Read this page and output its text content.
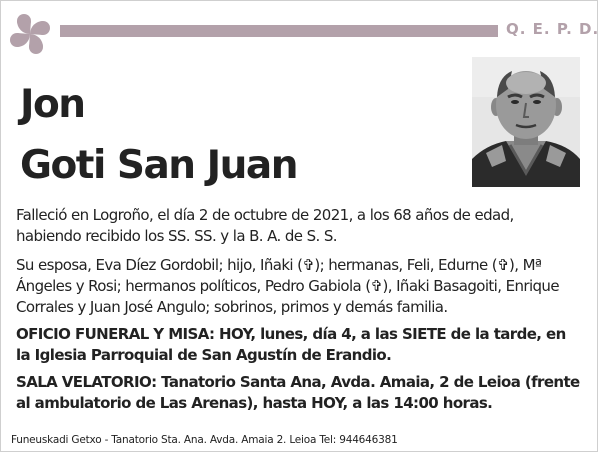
Q. E. P. D.
Jon
Goti San Juan

Falleció en Logroño, el día 2 de octubre de 2021, a los 68 años de edad, habiendo recibido los SS. SS. y la B. A. de S. S.

Su esposa, Eva Díez Gordobil; hijo, Iñaki (✞); hermanas, Feli, Edurne (✞), Mª Ángeles y Rosi; hermanos políticos, Pedro Gabiola (✞), Iñaki Basagoiti, Enrique Corrales y Juan José Angulo; sobrinos, primos y demás familia.

OFICIO FUNERAL Y MISA: HOY, lunes, día 4, a las SIETE de la tarde, en la Iglesia Parroquial de San Agustín de Erandio.

SALA VELATORIO: Tanatorio Santa Ana, Avda. Amaia, 2 de Leioa (frente al ambulatorio de Las Arenas), hasta HOY, a las 14:00 horas.

Funeuskadi Getxo - Tanatorio Sta. Ana. Avda. Amaia 2. Leioa Tel: 944646381
